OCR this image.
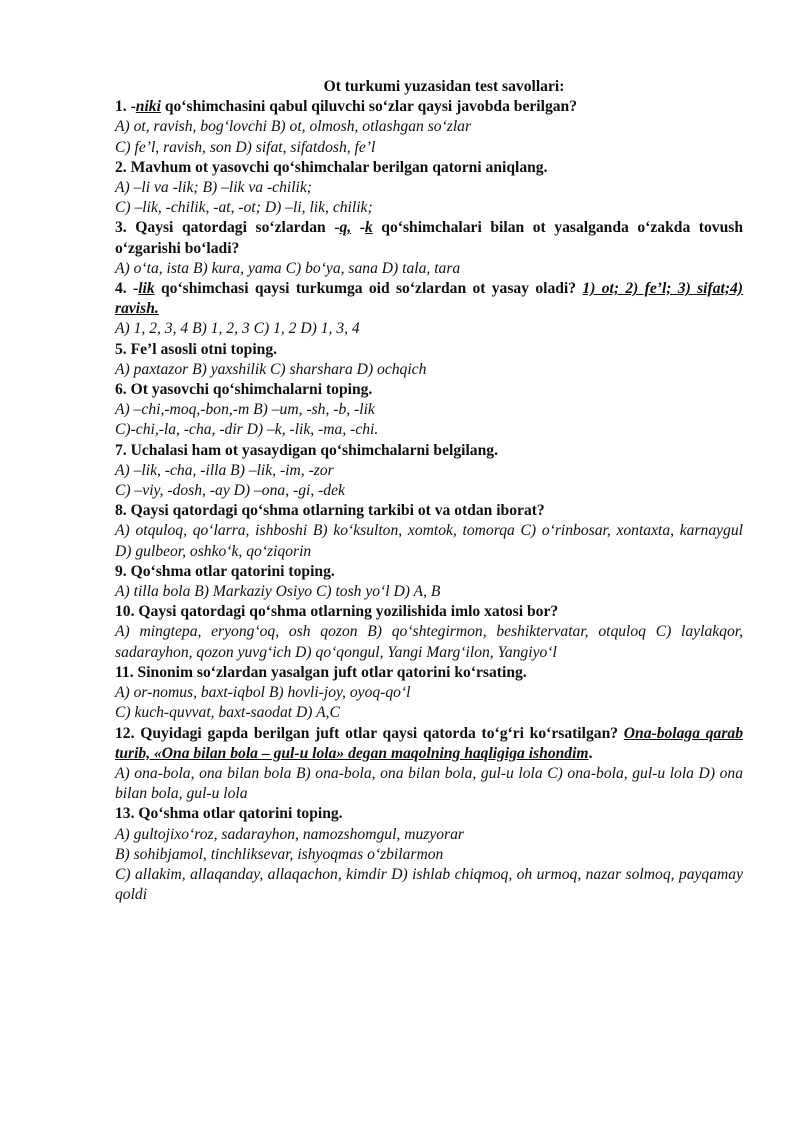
Ot turkumi yuzasidan test savollari:
1. -niki qo‘shimchasini qabul qiluvchi so‘zlar qaysi javobda berilgan?
A) ot, ravish, bog‘lovchi B) ot, olmosh, otlashgan so‘zlar
C) fe’l, ravish, son D) sifat, sifatdosh, fe’l
2. Mavhum ot yasovchi qo‘shimchalar berilgan qatorni aniqlang.
A) –li va -lik; B) –lik va -chilik;
C) –lik, -chilik, -at, -ot; D) –li, lik, chilik;
3. Qaysi qatordagi so‘zlardan -q, -k qo‘shimchalari bilan ot yasalganda o‘zakda tovush o‘zgarishi bo‘ladi?
A) o‘ta, ista B) kura, yama C) bo‘ya, sana D) tala, tara
4. -lik qo‘shimchasi qaysi turkumga oid so‘zlardan ot yasay oladi? 1) ot; 2) fe’l; 3) sifat;4) ravish.
A) 1, 2, 3, 4 B) 1, 2, 3 C) 1, 2 D) 1, 3, 4
5. Fe’l asosli otni toping.
A) paxtazor B) yaxshilik C) sharshara D) ochqich
6. Ot yasovchi qo‘shimchalarni toping.
A) –chi,-moq,-bon,-m B) –um, -sh, -b, -lik
C)-chi,-la, -cha, -dir D) –k, -lik, -ma, -chi.
7. Uchalasi ham ot yasaydigan qo‘shimchalarni belgilang.
A) –lik, -cha, -illa B) –lik, -im, -zor
C) –viy, -dosh, -ay D) –ona, -gi, -dek
8. Qaysi qatordagi qo‘shma otlarning tarkibi ot va otdan iborat?
A) otquloq, qo‘larra, ishboshi B) ko‘ksulton, xomtok, tomorqa C) o‘rinbosar, xontaxta, karnaygul D) gulbeor, oshko‘k, qo‘ziqorin
9. Qo‘shma otlar qatorini toping.
A) tilla bola B) Markaziy Osiyo C) tosh yo‘l D) A, B
10. Qaysi qatordagi qo‘shma otlarning yozilishida imlo xatosi bor?
A) mingtepa, eryong‘oq, osh qozon B) qo‘shtegirmon, beshiktervatar, otquloq C) laylakqor, sadarayhon, qozon yuvg‘ich D) qo‘qongul, Yangi Marg‘ilon, Yangiyo‘l
11. Sinonim so‘zlardan yasalgan juft otlar qatorini ko‘rsating.
A) or-nomus, baxt-iqbol B) hovli-joy, oyoq-qo‘l
C) kuch-quvvat, baxt-saodat D) A,C
12. Quyidagi gapda berilgan juft otlar qaysi qatorda to‘g‘ri ko‘rsatilgan? Ona-bolaga qarab turib, «Ona bilan bola – gul-u lola» degan maqolning haqligiga ishondim.
A) ona-bola, ona bilan bola B) ona-bola, ona bilan bola, gul-u lola C) ona-bola, gul-u lola D) ona bilan bola, gul-u lola
13. Qo‘shma otlar qatorini toping.
A) gultojixo‘roz, sadarayhon, namozshomgul, muzyorar
B) sohibjamol, tinchliksevar, ishyoqmas o‘zbilarmon
C) allakim, allaqanday, allaqachon, kimdir D) ishlab chiqmoq, oh urmoq, nazar solmoq, payqamay qoldi
